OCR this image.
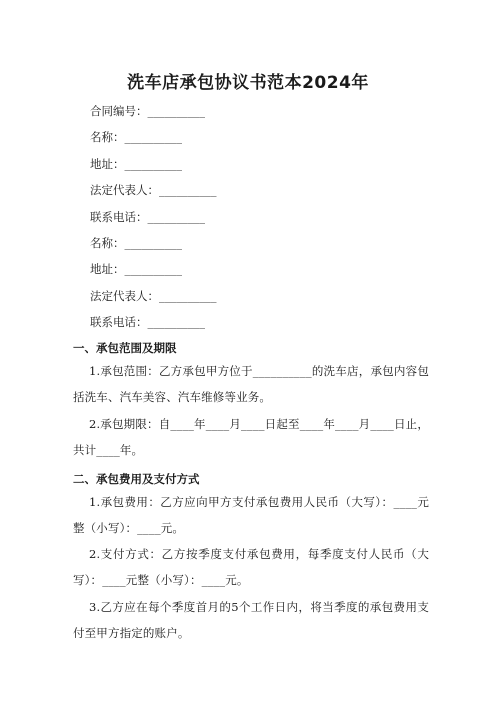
洗车店承包协议书范本2024年
合同编号：__________
名称：__________
地址：__________
法定代表人：__________
联系电话：__________
名称：__________
地址：__________
法定代表人：__________
联系电话：__________
一、承包范围及期限
1.承包范围：乙方承包甲方位于__________的洗车店，承包内容包括洗车、汽车美容、汽车维修等业务。
2.承包期限：自____年____月____日起至____年____月____日止，共计____年。
二、承包费用及支付方式
1.承包费用：乙方应向甲方支付承包费用人民币（大写）：____元整（小写）：____元。
2.支付方式：乙方按季度支付承包费用，每季度支付人民币（大写）：____元整（小写）：____元。
3.乙方应在每个季度首月的5个工作日内，将当季度的承包费用支付至甲方指定的账户。
